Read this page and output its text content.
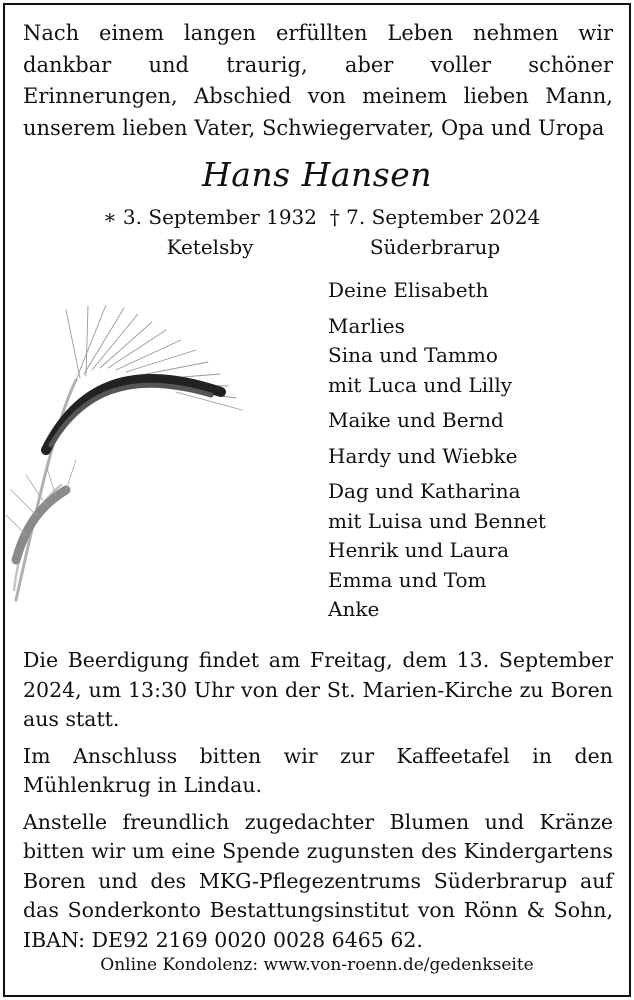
Nach einem langen erfüllten Leben nehmen wir dankbar und traurig, aber voller schöner Erinnerungen, Abschied von meinem lieben Mann, unserem lieben Vater, Schwiegervater, Opa und Uropa
Hans Hansen
∗ 3. September 1932
Ketelsby
† 7. September 2024
Süderbrarup
Deine Elisabeth
Marlies
Sina und Tammo
mit Luca und Lilly
Maike und Bernd
Hardy und Wiebke
Dag und Katharina
mit Luisa und Bennet
Henrik und Laura
Emma und Tom
Anke

Die Beerdigung findet am Freitag, dem 13. September 2024, um 13:30 Uhr von der St. Marien-Kirche zu Boren aus statt.

Im Anschluss bitten wir zur Kaffeetafel in den Mühlenkrug in Lindau.

Anstelle freundlich zugedachter Blumen und Kränze bitten wir um eine Spende zugunsten des Kindergartens Boren und des MKG-Pflegezentrums Süderbrarup auf das Sonderkonto Bestattungsinstitut von Rönn & Sohn, IBAN: DE92 2169 0020 0028 6465 62.

Online Kondolenz: www.von-roenn.de/gedenkseite
